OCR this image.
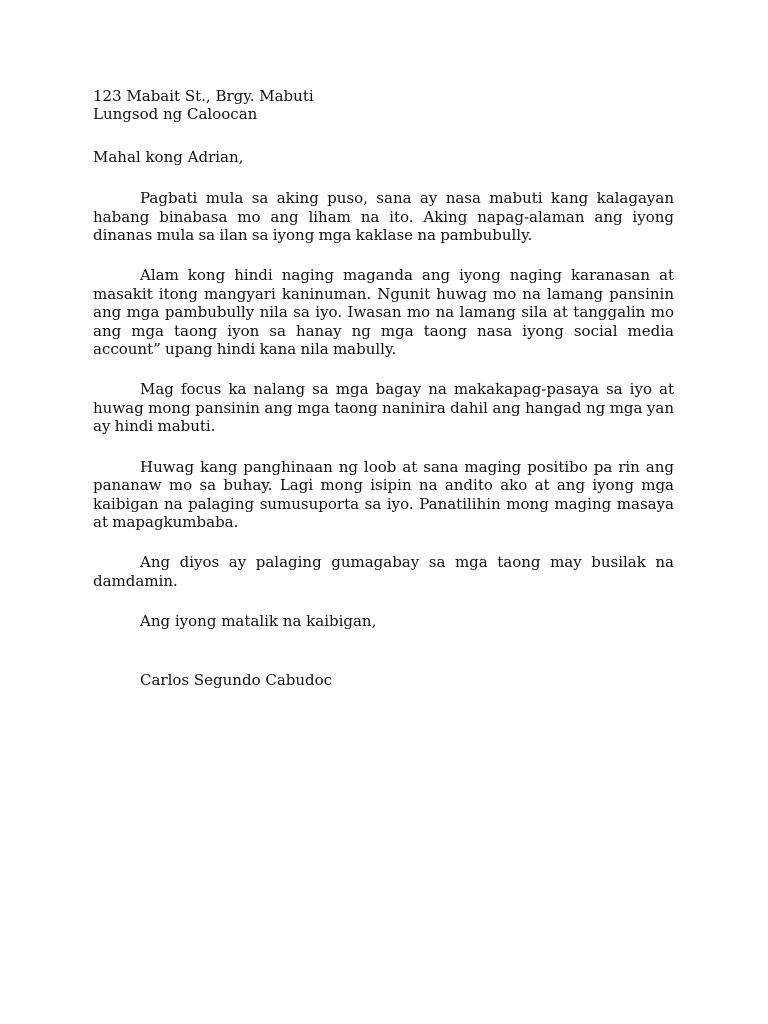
123 Mabait St., Brgy. Mabuti
Lungsod ng Caloocan
Mahal kong Adrian,

Pagbati mula sa aking puso, sana ay nasa mabuti kang kalagayan habang binabasa mo ang liham na ito. Aking napag-alaman ang iyong dinanas mula sa ilan sa iyong mga kaklase na pambubully.

Alam kong hindi naging maganda ang iyong naging karanasan at masakit itong mangyari kaninuman. Ngunit huwag mo na lamang pansinin ang mga pambubully nila sa iyo. Iwasan mo na lamang sila at tanggalin mo ang mga taong iyon sa hanay ng mga taong nasa iyong social media account” upang hindi kana nila mabully.

Mag focus ka nalang sa mga bagay na makakapag-pasaya sa iyo at huwag mong pansinin ang mga taong naninira dahil ang hangad ng mga yan ay hindi mabuti.

Huwag kang panghinaan ng loob at sana maging positibo pa rin ang pananaw mo sa buhay. Lagi mong isipin na andito ako at ang iyong mga kaibigan na palaging sumusuporta sa iyo. Panatilihin mong maging masaya at mapagkumbaba.

Ang diyos ay palaging gumagabay sa mga taong may busilak na damdamin.

Ang iyong matalik na kaibigan,
Carlos Segundo Cabudoc
